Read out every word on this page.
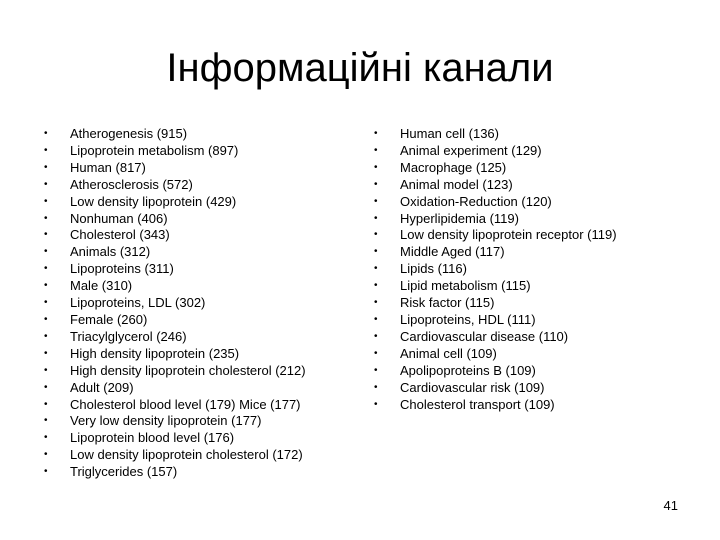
Інформаційні канали
• Atherogenesis (915)
• Lipoprotein metabolism (897)
• Human (817)
• Atherosclerosis (572)
• Low density lipoprotein (429)
• Nonhuman (406)
• Cholesterol (343)
• Animals (312)
• Lipoproteins (311)
• Male (310)
• Lipoproteins, LDL (302)
• Female (260)
• Triacylglycerol (246)
• High density lipoprotein (235)
• High density lipoprotein cholesterol (212)
• Adult (209)
• Cholesterol blood level (179) Mice (177)
• Very low density lipoprotein (177)
• Lipoprotein blood level (176)
• Low density lipoprotein cholesterol (172)
• Triglycerides (157)
• Human cell (136)
• Animal experiment (129)
• Macrophage (125)
• Animal model (123)
• Oxidation-Reduction (120)
• Hyperlipidemia (119)
• Low density lipoprotein receptor (119)
• Middle Aged (117)
• Lipids (116)
• Lipid metabolism (115)
• Risk factor (115)
• Lipoproteins, HDL (111)
• Cardiovascular disease (110)
• Animal cell (109)
• Apolipoproteins B (109)
• Cardiovascular risk (109)
• Cholesterol transport (109)
41
